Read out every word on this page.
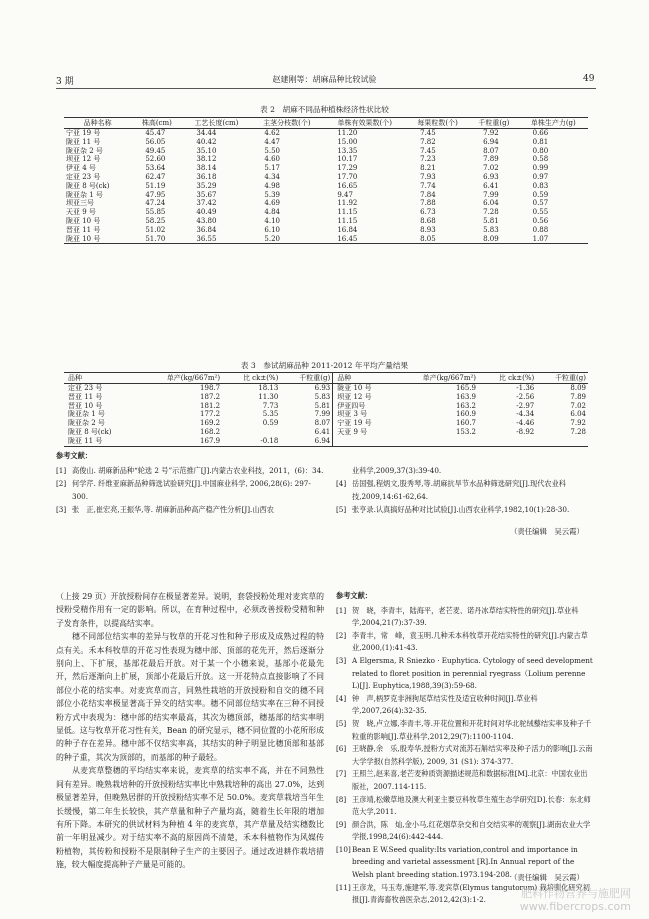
3 期	赵建刚等：胡麻品种比较试验	49
表 2　胡麻不同品种植株经济性状比较
品种名称	株高(cm)	工艺长度(cm)	主茎分枝数(个)	单株有效果数(个)	每果粒数(个)	千粒重(g)	单株生产力(g)
宁亚 19 号	45.47	34.44	4.62	11.20	7.45	7.92	0.66
陇亚 11 号	56.05	40.42	4.47	15.00	7.82	6.94	0.81
陇亚杂 2 号	49.45	35.10	5.50	13.35	7.45	8.07	0.80
坝亚 12 号	52.60	38.12	4.60	10.17	7.23	7.89	0.58
伊亚 4 号	53.64	38.14	5.17	17.29	8.21	7.02	0.99
定亚 23 号	62.47	36.18	4.34	17.70	7.93	6.93	0.97
陇亚 8 号(ck)	51.19	35.29	4.98	16.65	7.74	6.41	0.83
陇亚杂 1 号	47.95	35.67	5.39	9.47	7.84	7.99	0.59
坝亚三号	47.24	37.42	4.69	11.92	7.88	6.04	0.57
天亚 9 号	55.85	40.49	4.84	11.15	6.73	7.28	0.55
陇亚 10 号	58.25	43.80	4.10	11.15	8.68	5.81	0.56
晋亚 11 号	51.02	36.84	6.10	16.84	8.93	5.83	0.88
陇亚 10 号	51.70	36.55	5.20	16.45	8.05	8.09	1.07
表 3　参试胡麻品种 2011-2012 年平均产量结果
品种	单产(kg/667m²)	比 ck±(%)	千粒重(g)	品种	单产(kg/667m²)	比 ck±(%)	千粒重(g)
定亚 23 号	198.7	18.13	6.93	陇亚 10 号	165.9	-1.36	8.09
晋亚 11 号	187.2	11.30	5.83	坝亚 12 号	163.9	-2.56	7.89
晋亚 10 号	181.2	7.73	5.81	伊亚四号	163.2	-2.97	7.02
陇亚杂 1 号	177.2	5.35	7.99	坝亚 3 号	160.9	-4.34	6.04
陇亚杂 2 号	169.2	0.59	8.07	宁亚 19 号	160.7	-4.46	7.92
陇亚 8 号(ck)	168.2		6.41	天亚 9 号	153.2	-8.92	7.28
陇亚 11 号	167.9	-0.18	6.94				
参考文献：
[1] 高俊山. 胡麻新品种“轮选 2 号”示范推广[J].内蒙古农业科技，2011，(6)：34.
[2] 何学芹. 纤维亚麻新品种筛选试验研究[J].中国麻业科学, 2006,28(6): 297-300.
[3] 张　正,崔宏亮,王振华,等. 胡麻新品种高产稳产性分析[J].山西农
业科学,2009,37(3):39-40.
[4] 岳国强,程炳文,股秀琴,等.胡麻抗旱节水品种筛选研究[J].现代农业科技,2009,14:61-62,64.
[5] 张亨录.认真搞好品种对比试验[J].山西农业科学,1982,10(1):28-30.
（责任编辑　吴云霞）

（上接 29 页）开放授粉间存在极显著差异。说明，套袋授粉处理对麦宾草的授粉受精作用有一定的影响。所以，在育种过程中，必须改善授粉受精和种子发育条件，以提高结实率。

穗不同部位结实率的差异与牧草的开花习性和种子形成及成熟过程的特点有关。禾本科牧草的开花习性表现为穗中部、顶部的花先开，然后逐渐分别向上、下扩展，基部花最后开放。对于某一个小穗来说，基部小花最先开，然后逐渐向上扩展，顶部小花最后开放。这一开花特点直接影响了不同部位小花的结实率。对麦宾草而言，同熟性栽培的开放授粉和自交的穗不同部位小花结实率极显著高于异交的结实率。穗不同部位结实率在三种不同授粉方式中表现为：穗中部的结实率最高，其次为穗顶部，穗基部的结实率明显低。这与牧草开花习性有关，Bean 的研究显示，穗不同位置的小花所形成的种子存在差异。穗中部不仅结实率高，其结实的种子明显比穗顶部和基部的种子重，其次为顶部的，而基部的种子最轻。

从麦宾草整穗的平均结实率来说，麦宾草的结实率不高，并在不同熟性间有差异。晚熟栽培种的开放授粉结实率比中熟栽培种的高出 27.0%，达到极显著差异，但晚熟居群的开放授粉结实率不足 50.0%。麦宾草栽培当年生长缓慢，第二年生长较快，其产草量和种子产量均高，随着生长年限的增加有所下降。本研究的供试材料为种植 4 年的麦宾草，其产草量及结实穗数比前一年明显减少。对于结实率不高的原因尚不清楚，禾本科植物作为风媒传粉植物，其传粉和授粉不是限制种子生产的主要因子。通过改进耕作栽培措施，较大幅度提高种子产量是可能的。

参考文献：
[1] 贺　晓，李青丰，陆海平，老芒麦、诺丹冰草结实特性的研究[J].草业科学,2004,21(7):37-39.
[2] 李青丰，常　峰，袁玉明.几种禾本科牧草开花结实特性的研究[J].内蒙古草业,2000,(1):41-43.
[3] A Elgersma, R Sniezko · Euphytica. Cytology of seed development related to floret position in perennial ryegrass（Lolium perenne L)[J]. Euphytica,1988,39(3):59-68.
[4] 钟　声,柄罗克非洲狗尾草结实性及适宜收种时间[J].草业科学,2007,26(4):32-35.
[5] 贺　晓,卢立娜,李青丰,等.开花位置和开花时间对华北驼绒藜结实率及种子千粒重的影响[J].草业科学,2012,29(7):1100-1104.
[6] 王晓静,余　乐,殷寿华,授粉方式对流苏石斛结实率及种子活力的影响[J].云南大学学报(自然科学版), 2009, 31 (S1): 374-377.
[7] 王照兰,赵来喜,老芒麦种质资源描述规范和数据标准[M].北京：中国农业出版社，2007.114-115.
[8] 王彦靖,松嫩草地及澳大利亚主要豆科牧草生殖生态学研究[D].长春：东北师范大学,2011.
[9] 颜合洪，陈　灿,金小马,红花烟草杂交和自交结实率的观察[J].湖南农业大学学报,1998,24(6):442-444.
[10] Bean E W.Seed quality:Its variation,control and importance in breeding and varietal assessment [R].In Annual report of the Welsh plant breeding station.1973.194-208.
[11] 王彦龙，马玉寿,施建军,等.麦宾草(Elymus tangutorum) 栽培驯化研究初报[J].青海畜牧兽医杂志,2012,42(3):1-2.
（责任编辑　吴云霞）
肥料作物营养与施肥网
www.fibercrops.com
